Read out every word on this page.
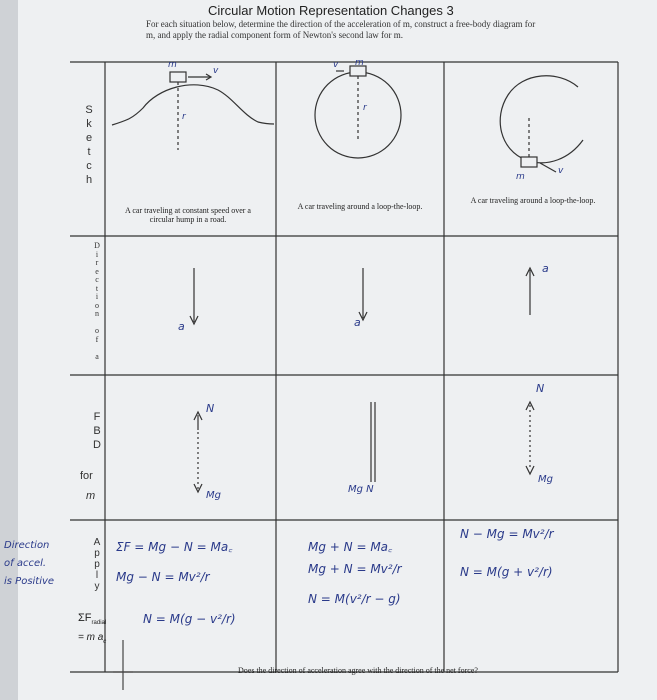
Circular Motion Representation Changes 3
For each situation below, determine the direction of the acceleration of m, construct a free-body diagram for m, and apply the radial component form of Newton's second law for m.
m
v
r
v m
r
m
v
S
k
e
t
c
h
D
i
r
e
c
t
i
o
n

o
f

a
F
B
D
for
m
A
p
p
l
y
$\Sigma F_{radial}$
= m $a_c$
A car traveling at constant speed over a circular hump in a road.
A car traveling around a loop-the-loop.
A car traveling around a loop-the-loop.
a	a
a
N
Mg
Mg N
N
Mg
ΣF = Mg − N = Ma꜀
Mg − N = Mv²/r
N = M(g − v²/r)
Mg + N = Ma꜀
Mg + N = Mv²/r
N = M(v²/r − g)
N − Mg = Mv²/r
N = M(g + v²/r)
Does the direction of acceleration agree with the direction of the net force?
Direction
of accel.
is Positive
